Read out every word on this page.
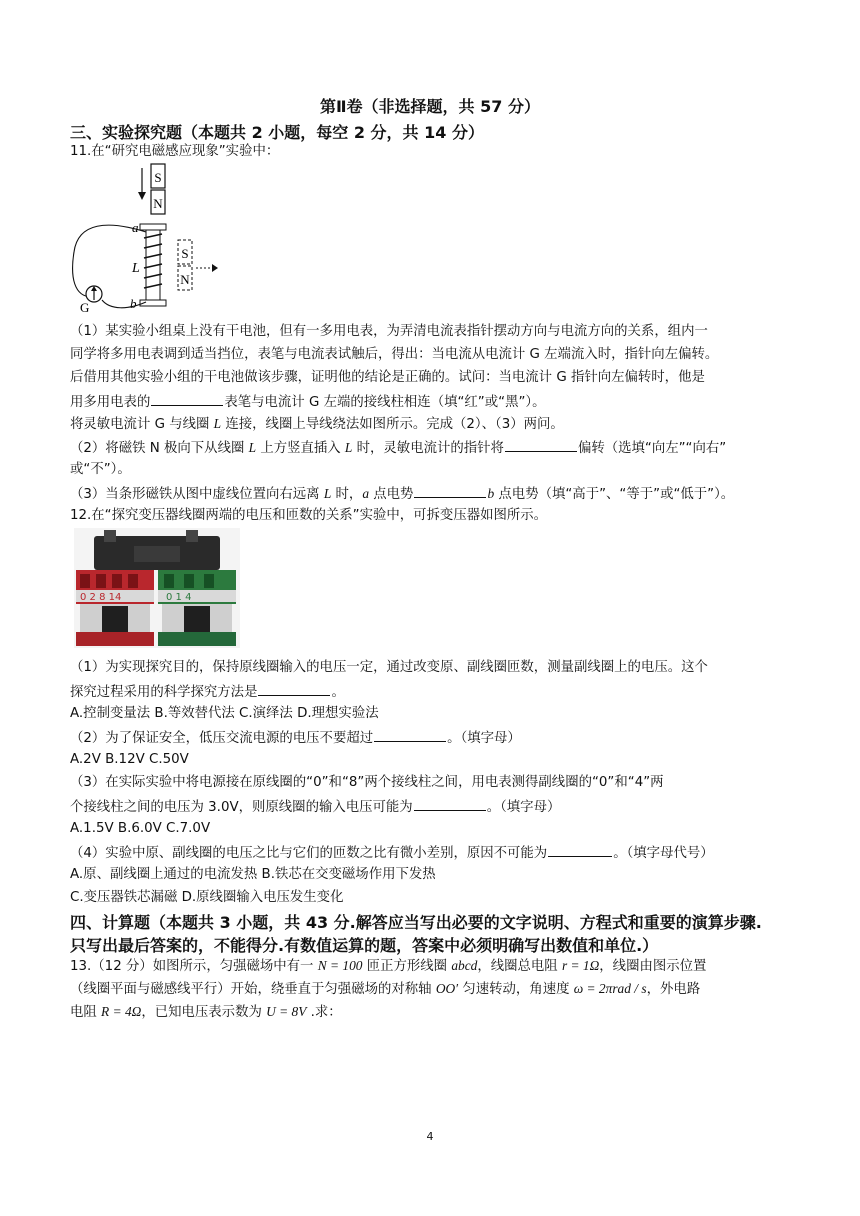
第Ⅱ卷（非选择题，共 57 分）
三、实验探究题（本题共 2 小题，每空 2 分，共 14 分）
11.在“研究电磁感应现象”实验中：
S
N
G
a
b
L
S
N
（1）某实验小组桌上没有干电池，但有一多用电表，为弄清电流表指针摆动方向与电流方向的关系，组内一
同学将多用电表调到适当挡位，表笔与电流表试触后，得出：当电流从电流计 G 左端流入时，指针向左偏转。
后借用其他实验小组的干电池做该步骤，证明他的结论是正确的。试问：当电流计 G 指针向左偏转时，他是
用多用电表的	表笔与电流计 G 左端的接线柱相连（填“红”或“黑”）。
将灵敏电流计 G 与线圈 L 连接，线圈上导线绕法如图所示。完成（2）、（3）两问。
（2）将磁铁 N 极向下从线圈 L 上方竖直插入 L 时，灵敏电流计的指针将	偏转（选填“向左”“向右”
或“不”）。
（3）当条形磁铁从图中虚线位置向右远离 L 时，a 点电势	b 点电势（填“高于”、“等于”或“低于”）。
12.在“探究变压器线圈两端的电压和匝数的关系”实验中，可拆变压器如图所示。
0 2 8 14	0 1 4
（1）为实现探究目的，保持原线圈输入的电压一定，通过改变原、副线圈匝数，测量副线圈上的电压。这个
探究过程采用的科学探究方法是	。
A.控制变量法 B.等效替代法 C.演绎法 D.理想实验法
（2）为了保证安全，低压交流电源的电压不要超过	。（填字母）
A.2V B.12V C.50V
（3）在实际实验中将电源接在原线圈的“0”和“8”两个接线柱之间，用电表测得副线圈的“0”和“4”两
个接线柱之间的电压为 3.0V，则原线圈的输入电压可能为	。（填字母）
A.1.5V B.6.0V C.7.0V
（4）实验中原、副线圈的电压之比与它们的匝数之比有微小差别，原因不可能为	。（填字母代号）
A.原、副线圈上通过的电流发热 B.铁芯在交变磁场作用下发热
C.变压器铁芯漏磁 D.原线圈输入电压发生变化
四、计算题（本题共 3 小题，共 43 分.解答应当写出必要的文字说明、方程式和重要的演算步骤.
只写出最后答案的，不能得分.有数值运算的题，答案中必须明确写出数值和单位.）
13.（12 分）如图所示，匀强磁场中有一 N = 100 匝正方形线圈 abcd，线圈总电阻 r = 1Ω，线圈由图示位置
（线圈平面与磁感线平行）开始，绕垂直于匀强磁场的对称轴 OO′ 匀速转动，角速度 ω = 2πrad / s，外电路
电阻 R = 4Ω，已知电压表示数为 U = 8V .求：
4
